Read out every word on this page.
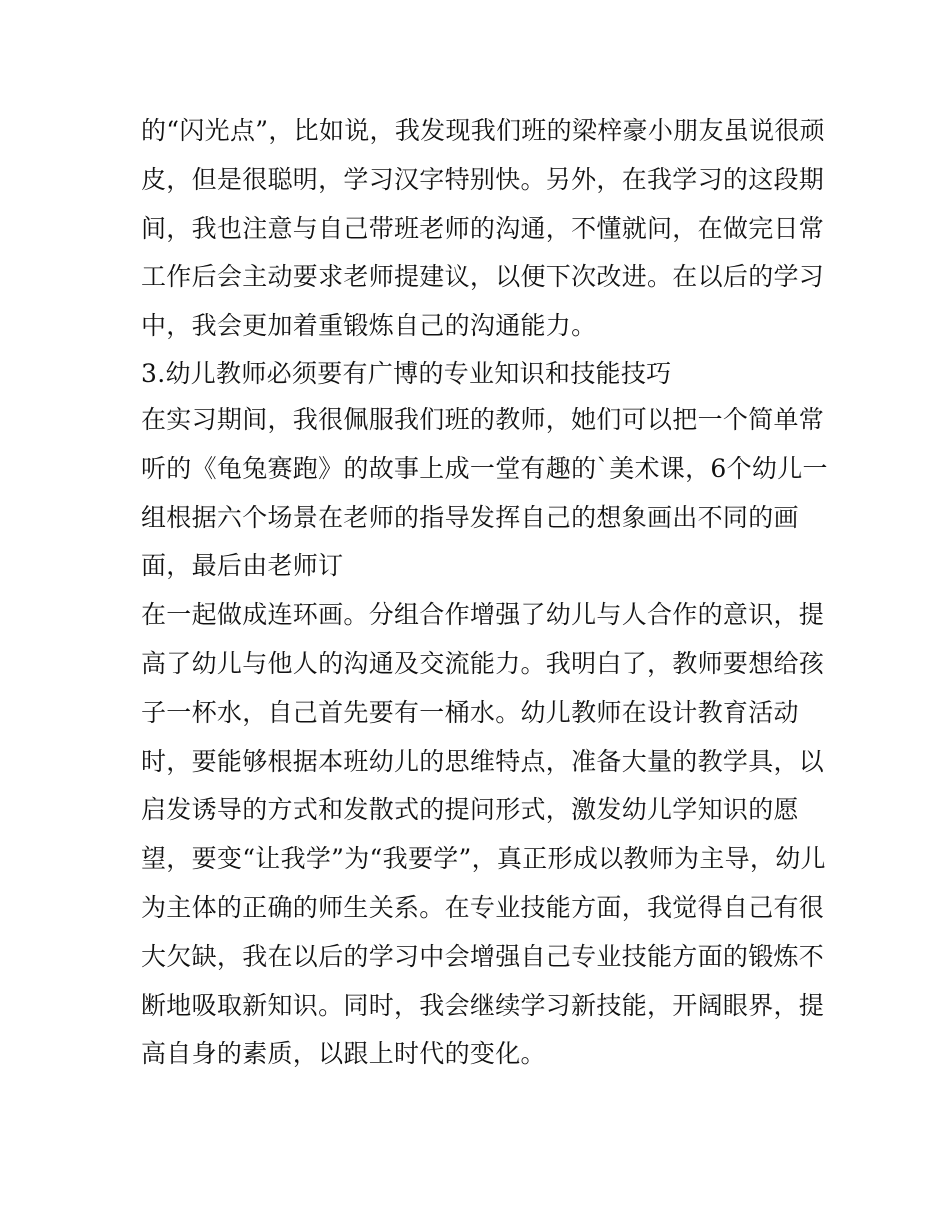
的“闪光点”，比如说，我发现我们班的梁梓豪小朋友虽说很顽
皮，但是很聪明，学习汉字特别快。另外，在我学习的这段期
间，我也注意与自己带班老师的沟通，不懂就问，在做完日常
工作后会主动要求老师提建议，以便下次改进。在以后的学习
中，我会更加着重锻炼自己的沟通能力。
3.幼儿教师必须要有广博的专业知识和技能技巧
在实习期间，我很佩服我们班的教师，她们可以把一个简单常
听的《龟兔赛跑》的故事上成一堂有趣的`美术课，6个幼儿一
组根据六个场景在老师的指导发挥自己的想象画出不同的画
面，最后由老师订
在一起做成连环画。分组合作增强了幼儿与人合作的意识，提
高了幼儿与他人的沟通及交流能力。我明白了，教师要想给孩
子一杯水，自己首先要有一桶水。幼儿教师在设计教育活动
时，要能够根据本班幼儿的思维特点，准备大量的教学具，以
启发诱导的方式和发散式的提问形式，激发幼儿学知识的愿
望，要变“让我学”为“我要学”，真正形成以教师为主导，幼儿
为主体的正确的师生关系。在专业技能方面，我觉得自己有很
大欠缺，我在以后的学习中会增强自己专业技能方面的锻炼不
断地吸取新知识。同时，我会继续学习新技能，开阔眼界，提
高自身的素质，以跟上时代的变化。
